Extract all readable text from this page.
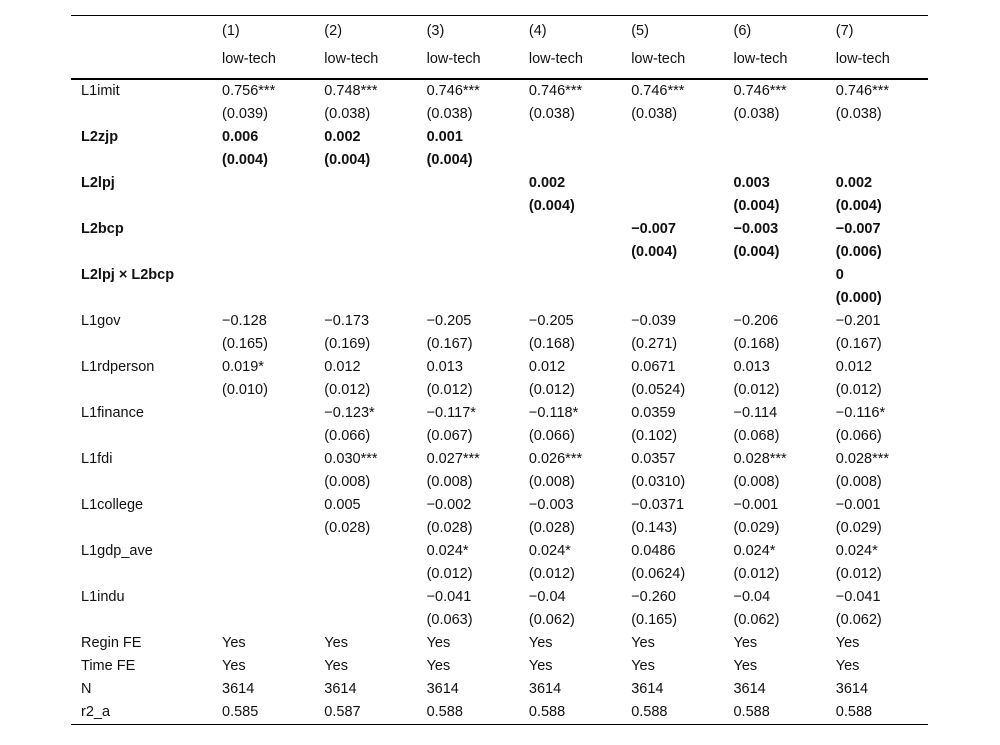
	(1)	(2)	(3)	(4)	(5)	(6)	(7)
	low-tech	low-tech	low-tech	low-tech	low-tech	low-tech	low-tech
L1imit	0.756***	0.748***	0.746***	0.746***	0.746***	0.746***	0.746***
	(0.039)	(0.038)	(0.038)	(0.038)	(0.038)	(0.038)	(0.038)
L2zjp	0.006	0.002	0.001				
	(0.004)	(0.004)	(0.004)				
L2lpj				0.002		0.003	0.002
				(0.004)		(0.004)	(0.004)
L2bcp					−0.007	−0.003	−0.007
					(0.004)	(0.004)	(0.006)
L2lpj × L2bcp							0
							(0.000)
L1gov	−0.128	−0.173	−0.205	−0.205	−0.039	−0.206	−0.201
	(0.165)	(0.169)	(0.167)	(0.168)	(0.271)	(0.168)	(0.167)
L1rdperson	0.019*	0.012	0.013	0.012	0.0671	0.013	0.012
	(0.010)	(0.012)	(0.012)	(0.012)	(0.0524)	(0.012)	(0.012)
L1finance		−0.123*	−0.117*	−0.118*	0.0359	−0.114	−0.116*
		(0.066)	(0.067)	(0.066)	(0.102)	(0.068)	(0.066)
L1fdi		0.030***	0.027***	0.026***	0.0357	0.028***	0.028***
		(0.008)	(0.008)	(0.008)	(0.0310)	(0.008)	(0.008)
L1college		0.005	−0.002	−0.003	−0.0371	−0.001	−0.001
		(0.028)	(0.028)	(0.028)	(0.143)	(0.029)	(0.029)
L1gdp_ave			0.024*	0.024*	0.0486	0.024*	0.024*
			(0.012)	(0.012)	(0.0624)	(0.012)	(0.012)
L1indu			−0.041	−0.04	−0.260	−0.04	−0.041
			(0.063)	(0.062)	(0.165)	(0.062)	(0.062)
Regin FE	Yes	Yes	Yes	Yes	Yes	Yes	Yes
Time FE	Yes	Yes	Yes	Yes	Yes	Yes	Yes
N	3614	3614	3614	3614	3614	3614	3614
r2_a	0.585	0.587	0.588	0.588	0.588	0.588	0.588
